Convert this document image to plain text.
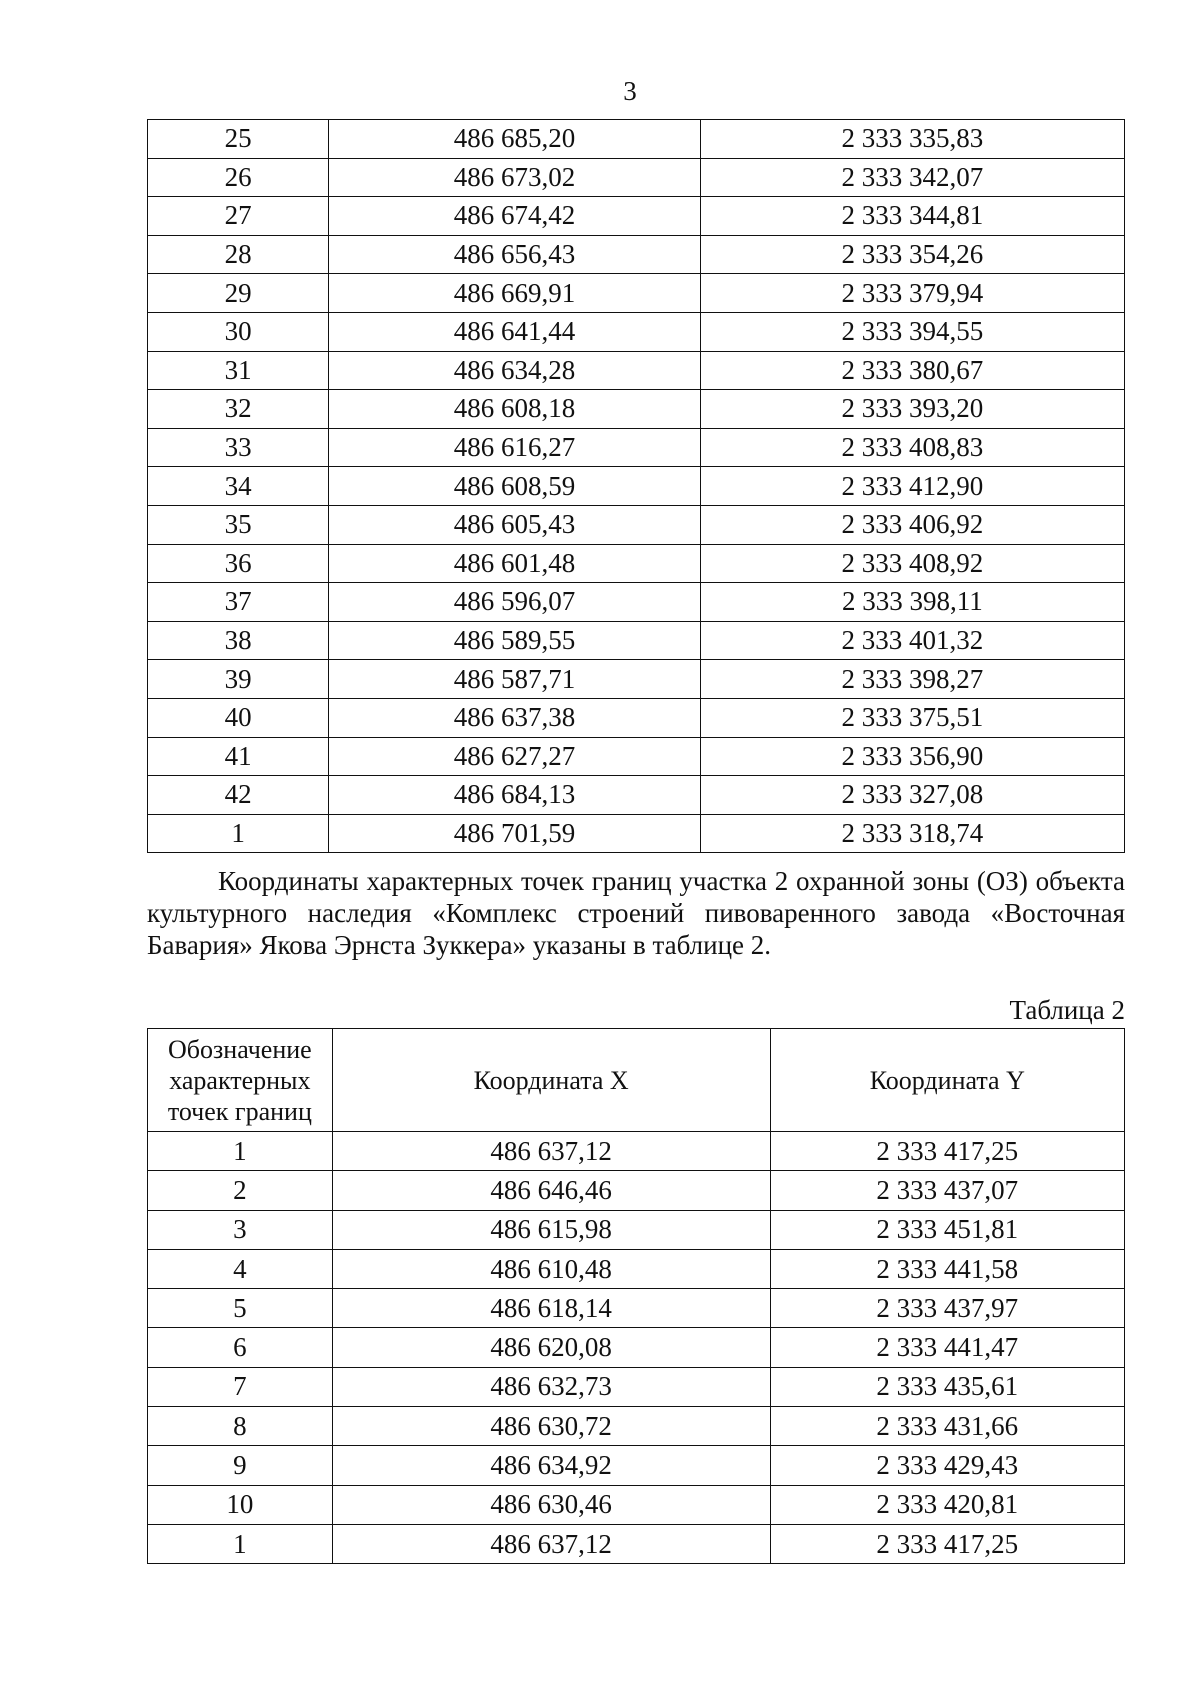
3
25	486 685,20	2 333 335,83
26	486 673,02	2 333 342,07
27	486 674,42	2 333 344,81
28	486 656,43	2 333 354,26
29	486 669,91	2 333 379,94
30	486 641,44	2 333 394,55
31	486 634,28	2 333 380,67
32	486 608,18	2 333 393,20
33	486 616,27	2 333 408,83
34	486 608,59	2 333 412,90
35	486 605,43	2 333 406,92
36	486 601,48	2 333 408,92
37	486 596,07	2 333 398,11
38	486 589,55	2 333 401,32
39	486 587,71	2 333 398,27
40	486 637,38	2 333 375,51
41	486 627,27	2 333 356,90
42	486 684,13	2 333 327,08
1	486 701,59	2 333 318,74

Координаты характерных точек границ участка 2 охранной зоны (ОЗ) объекта культурного наследия «Комплекс строений пивоваренного завода «Восточная Бавария» Якова Эрнста Зуккера» указаны в таблице 2.

Таблица 2
Обозначение характерных точек границ	Координата X	Координата Y
1	486 637,12	2 333 417,25
2	486 646,46	2 333 437,07
3	486 615,98	2 333 451,81
4	486 610,48	2 333 441,58
5	486 618,14	2 333 437,97
6	486 620,08	2 333 441,47
7	486 632,73	2 333 435,61
8	486 630,72	2 333 431,66
9	486 634,92	2 333 429,43
10	486 630,46	2 333 420,81
1	486 637,12	2 333 417,25
